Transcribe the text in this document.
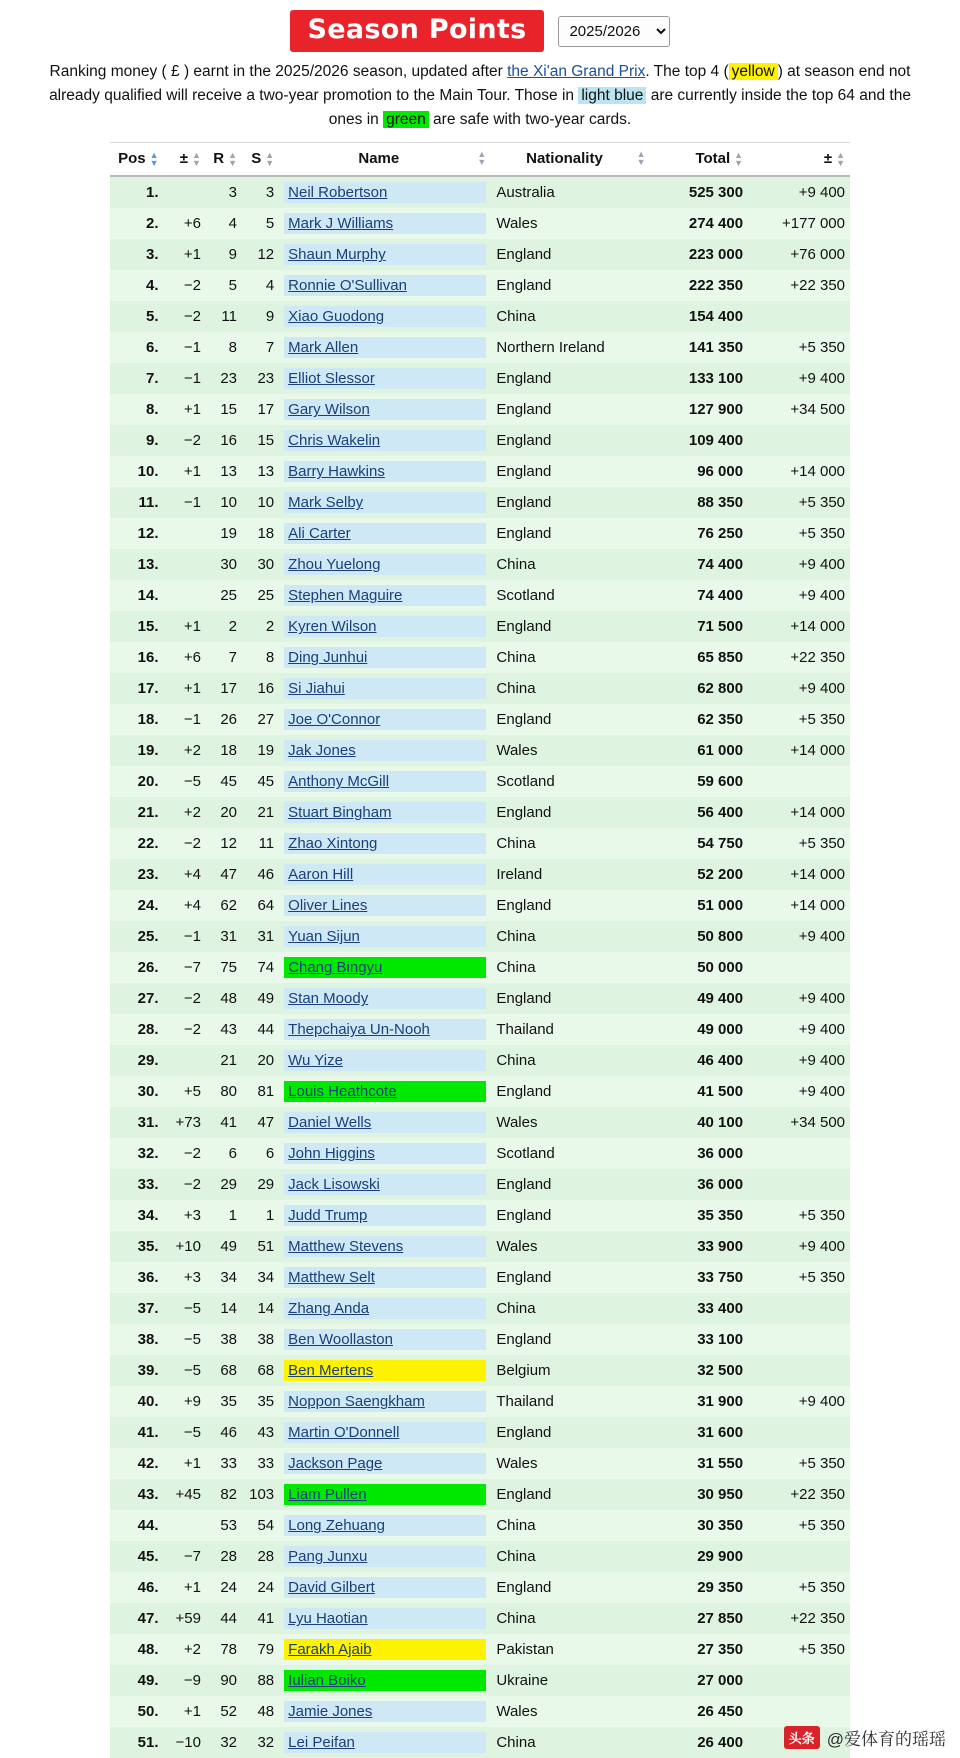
Season Points
2025/2026

Ranking money ( £ ) earnt in the 2025/2026 season, updated after the Xi'an Grand Prix. The top 4 ( yellow ) at season end not already qualified will receive a two-year promotion to the Main Tour. Those in light blue are currently inside the top 64 and the ones in green are safe with two-year cards.

Pos ▲
▼	± ▲
▼	R ▲
▼	S ▲
▼	Name ▲
▼	Nationality ▲
▼	Total ▲
▼	± ▲
▼

1.		3	3	Neil Robertson	Australia	525 300	+9 400
2.	+6	4	5	Mark J Williams	Wales	274 400	+177 000
3.	+1	9	12	Shaun Murphy	England	223 000	+76 000
4.	−2	5	4	Ronnie O'Sullivan	England	222 350	+22 350
5.	−2	11	9	Xiao Guodong	China	154 400	
6.	−1	8	7	Mark Allen	Northern Ireland	141 350	+5 350
7.	−1	23	23	Elliot Slessor	England	133 100	+9 400
8.	+1	15	17	Gary Wilson	England	127 900	+34 500
9.	−2	16	15	Chris Wakelin	England	109 400	
10.	+1	13	13	Barry Hawkins	England	96 000	+14 000
11.	−1	10	10	Mark Selby	England	88 350	+5 350
12.		19	18	Ali Carter	England	76 250	+5 350
13.		30	30	Zhou Yuelong	China	74 400	+9 400
14.		25	25	Stephen Maguire	Scotland	74 400	+9 400
15.	+1	2	2	Kyren Wilson	England	71 500	+14 000
16.	+6	7	8	Ding Junhui	China	65 850	+22 350
17.	+1	17	16	Si Jiahui	China	62 800	+9 400
18.	−1	26	27	Joe O'Connor	England	62 350	+5 350
19.	+2	18	19	Jak Jones	Wales	61 000	+14 000
20.	−5	45	45	Anthony McGill	Scotland	59 600	
21.	+2	20	21	Stuart Bingham	England	56 400	+14 000
22.	−2	12	11	Zhao Xintong	China	54 750	+5 350
23.	+4	47	46	Aaron Hill	Ireland	52 200	+14 000
24.	+4	62	64	Oliver Lines	England	51 000	+14 000
25.	−1	31	31	Yuan Sijun	China	50 800	+9 400
26.	−7	75	74	Chang Bingyu	China	50 000	
27.	−2	48	49	Stan Moody	England	49 400	+9 400
28.	−2	43	44	Thepchaiya Un-Nooh	Thailand	49 000	+9 400
29.		21	20	Wu Yize	China	46 400	+9 400
30.	+5	80	81	Louis Heathcote	England	41 500	+9 400
31.	+73	41	47	Daniel Wells	Wales	40 100	+34 500
32.	−2	6	6	John Higgins	Scotland	36 000	
33.	−2	29	29	Jack Lisowski	England	36 000	
34.	+3	1	1	Judd Trump	England	35 350	+5 350
35.	+10	49	51	Matthew Stevens	Wales	33 900	+9 400
36.	+3	34	34	Matthew Selt	England	33 750	+5 350
37.	−5	14	14	Zhang Anda	China	33 400	
38.	−5	38	38	Ben Woollaston	England	33 100	
39.	−5	68	68	Ben Mertens	Belgium	32 500	
40.	+9	35	35	Noppon Saengkham	Thailand	31 900	+9 400
41.	−5	46	43	Martin O'Donnell	England	31 600	
42.	+1	33	33	Jackson Page	Wales	31 550	+5 350
43.	+45	82	103	Liam Pullen	England	30 950	+22 350
44.		53	54	Long Zehuang	China	30 350	+5 350
45.	−7	28	28	Pang Junxu	China	29 900	
46.	+1	24	24	David Gilbert	England	29 350	+5 350
47.	+59	44	41	Lyu Haotian	China	27 850	+22 350
48.	+2	78	79	Farakh Ajaib	Pakistan	27 350	+5 350
49.	−9	90	88	Iulian Boiko	Ukraine	27 000	
50.	+1	52	48	Jamie Jones	Wales	26 450	
51.	−10	32	32	Lei Peifan	China	26 400		头条 @爱体育的瑶瑶
